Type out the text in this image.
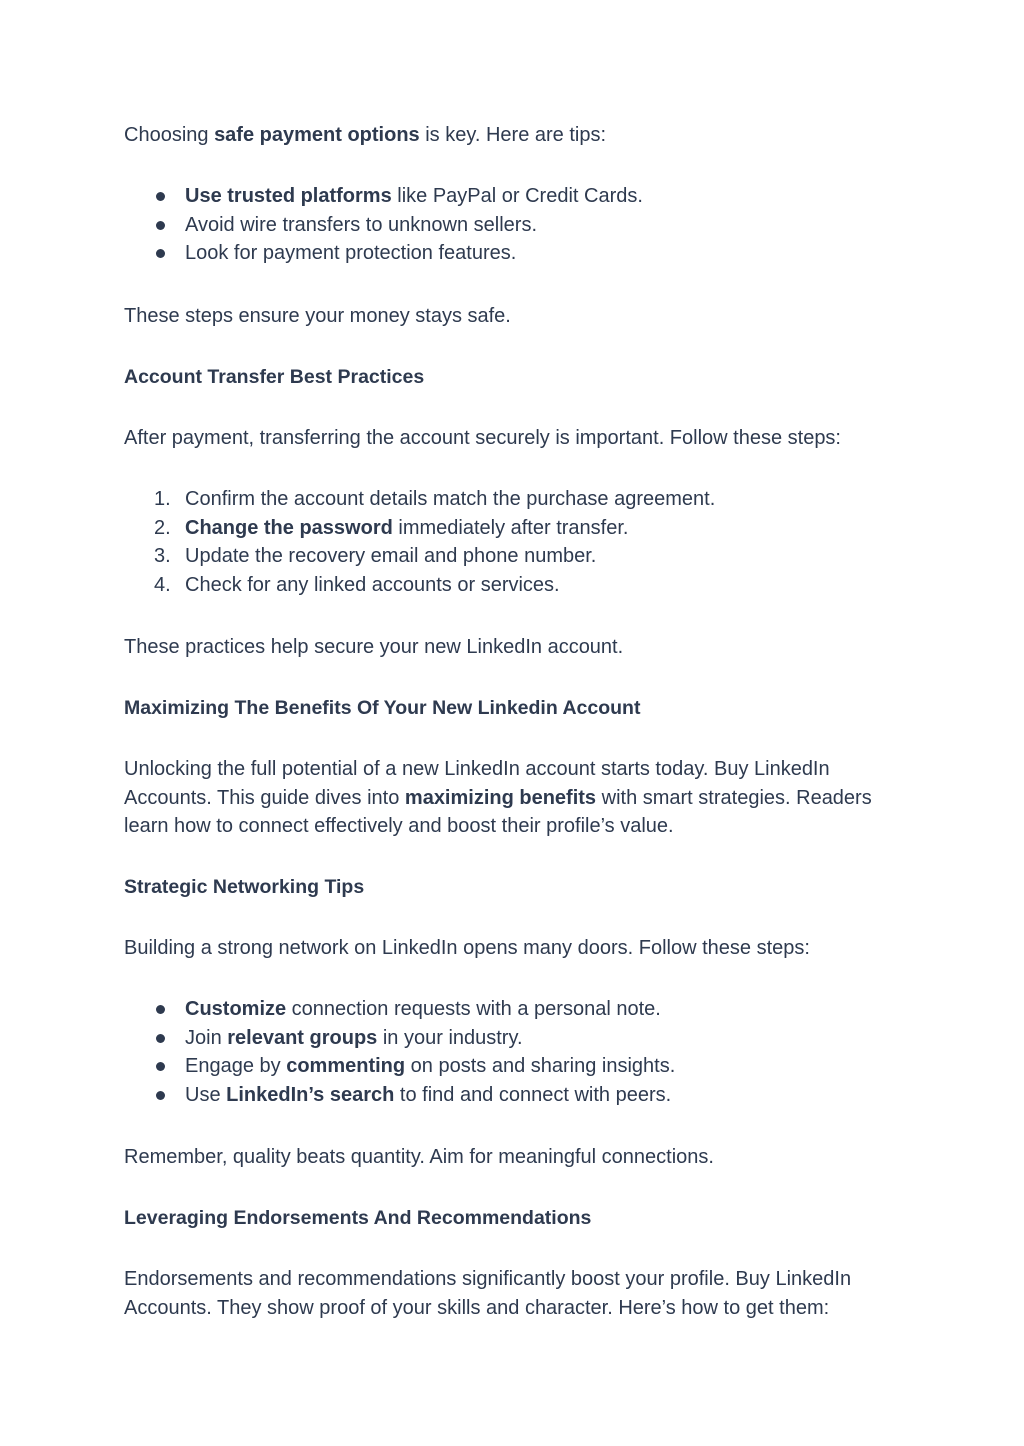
Choosing safe payment options is key. Here are tips:

Use trusted platforms like PayPal or Credit Cards.
Avoid wire transfers to unknown sellers.
Look for payment protection features.

These steps ensure your money stays safe.

Account Transfer Best Practices

After payment, transferring the account securely is important. Follow these steps:

1. Confirm the account details match the purchase agreement.
2. Change the password immediately after transfer.
3. Update the recovery email and phone number.
4. Check for any linked accounts or services.

These practices help secure your new LinkedIn account.

Maximizing The Benefits Of Your New Linkedin Account

Unlocking the full potential of a new LinkedIn account starts today. Buy LinkedIn Accounts. This guide dives into maximizing benefits with smart strategies. Readers learn how to connect effectively and boost their profile’s value.

Strategic Networking Tips

Building a strong network on LinkedIn opens many doors. Follow these steps:

Customize connection requests with a personal note.
Join relevant groups in your industry.
Engage by commenting on posts and sharing insights.
Use LinkedIn’s search to find and connect with peers.

Remember, quality beats quantity. Aim for meaningful connections.

Leveraging Endorsements And Recommendations

Endorsements and recommendations significantly boost your profile. Buy LinkedIn Accounts. They show proof of your skills and character. Here’s how to get them:
